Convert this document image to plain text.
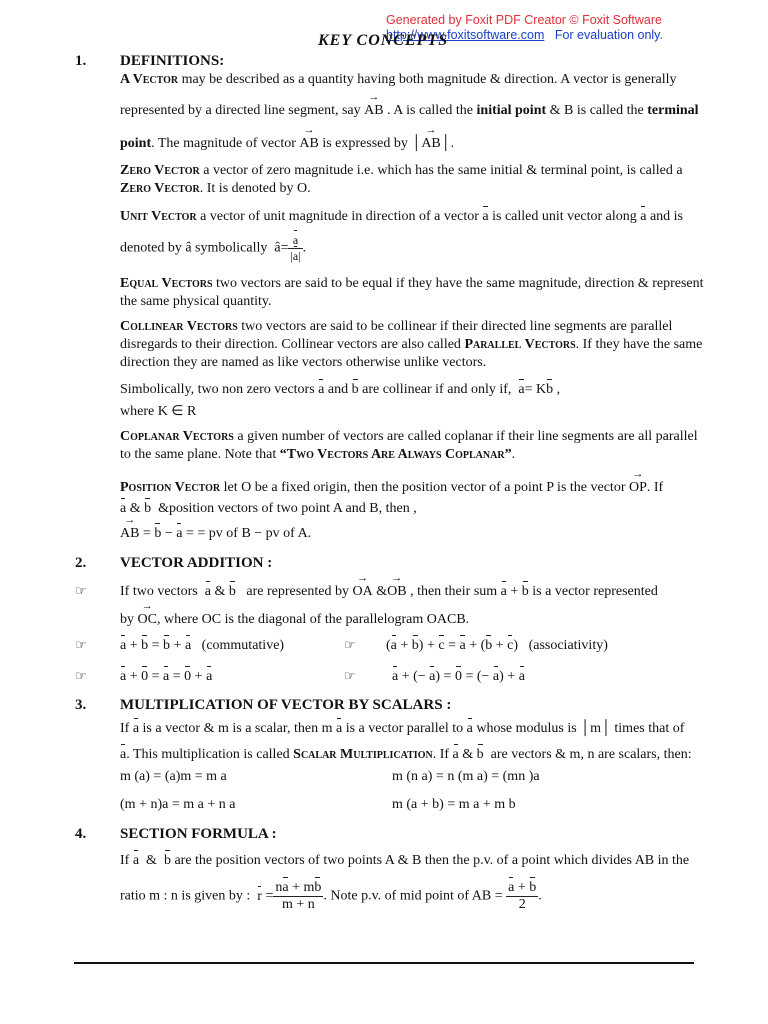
Generated by Foxit PDF Creator © Foxit Software
http://www.foxitsoftware.com For evaluation only.
KEY CONCEPTS
1. DEFINITIONS:
A Vector may be described as a quantity having both magnitude & direction. A vector is generally
represented by a directed line segment, say → AB . A is called the initial point & B is called the terminal
point. The magnitude of vector → AB is expressed by │→ AB│.
Zero Vector a vector of zero magnitude i.e. which has the same initial & terminal point, is called a
Zero Vector. It is denoted by O.
Unit Vector a vector of unit magnitude in direction of a vector a is called unit vector along a and is
denoted by â symbolically  â= $\frac{a}{|a|}$ .
Equal Vectors two vectors are said to be equal if they have the same magnitude, direction & represent
the same physical quantity.
Collinear Vectors two vectors are said to be collinear if their directed line segments are parallel
disregards to their direction. Collinear vectors are also called Parallel Vectors. If they have the same
direction they are named as like vectors otherwise unlike vectors.
Simbolically, two non zero vectors a and b are collinear if and only if, a= Kb ,
where K ∈ R
Coplanar Vectors a given number of vectors are called coplanar if their line segments are all parallel
to the same plane. Note that “Two Vectors Are Always Coplanar”.
Position Vector let O be a fixed origin, then the position vector of a point P is the vector → OP. If
a & b &position vectors of two point A and B, then ,
→ AB = b − a = = pv of B − pv of A.
2. VECTOR ADDITION :
☞ If two vectors a & b are represented by → OA &→ OB , then their sum a + b is a vector represented
by → OC, where OC is the diagonal of the parallelogram OACB.
☞ a + b = b + a (commutative)	☞ (a + b) + c = a + (b + c)   (associativity)
☞ a + 0 = a = 0 + a	☞	a + (− a) = 0 = (− a) + a
3. MULTIPLICATION OF VECTOR BY SCALARS :
If a is a vector & m is a scalar, then m a is a vector parallel to a whose modulus is │m│ times that of
a. This multiplication is called Scalar Multiplication. If a & b are vectors & m, n are scalars, then:
m (a) = (a)m = m a	m (n a) = n (m a) = (mn )a
(m + n)a = m a + n a	m (a + b) = m a + m b
4. SECTION FORMULA :
If a  &  b are the position vectors of two points A & B then the p.v. of a point which divides AB in the
ratio m : n is given by : $r = \frac{na + mb}{m + n}$ . Note p.v. of mid point of AB = $\frac{a + b}{2}$ .
